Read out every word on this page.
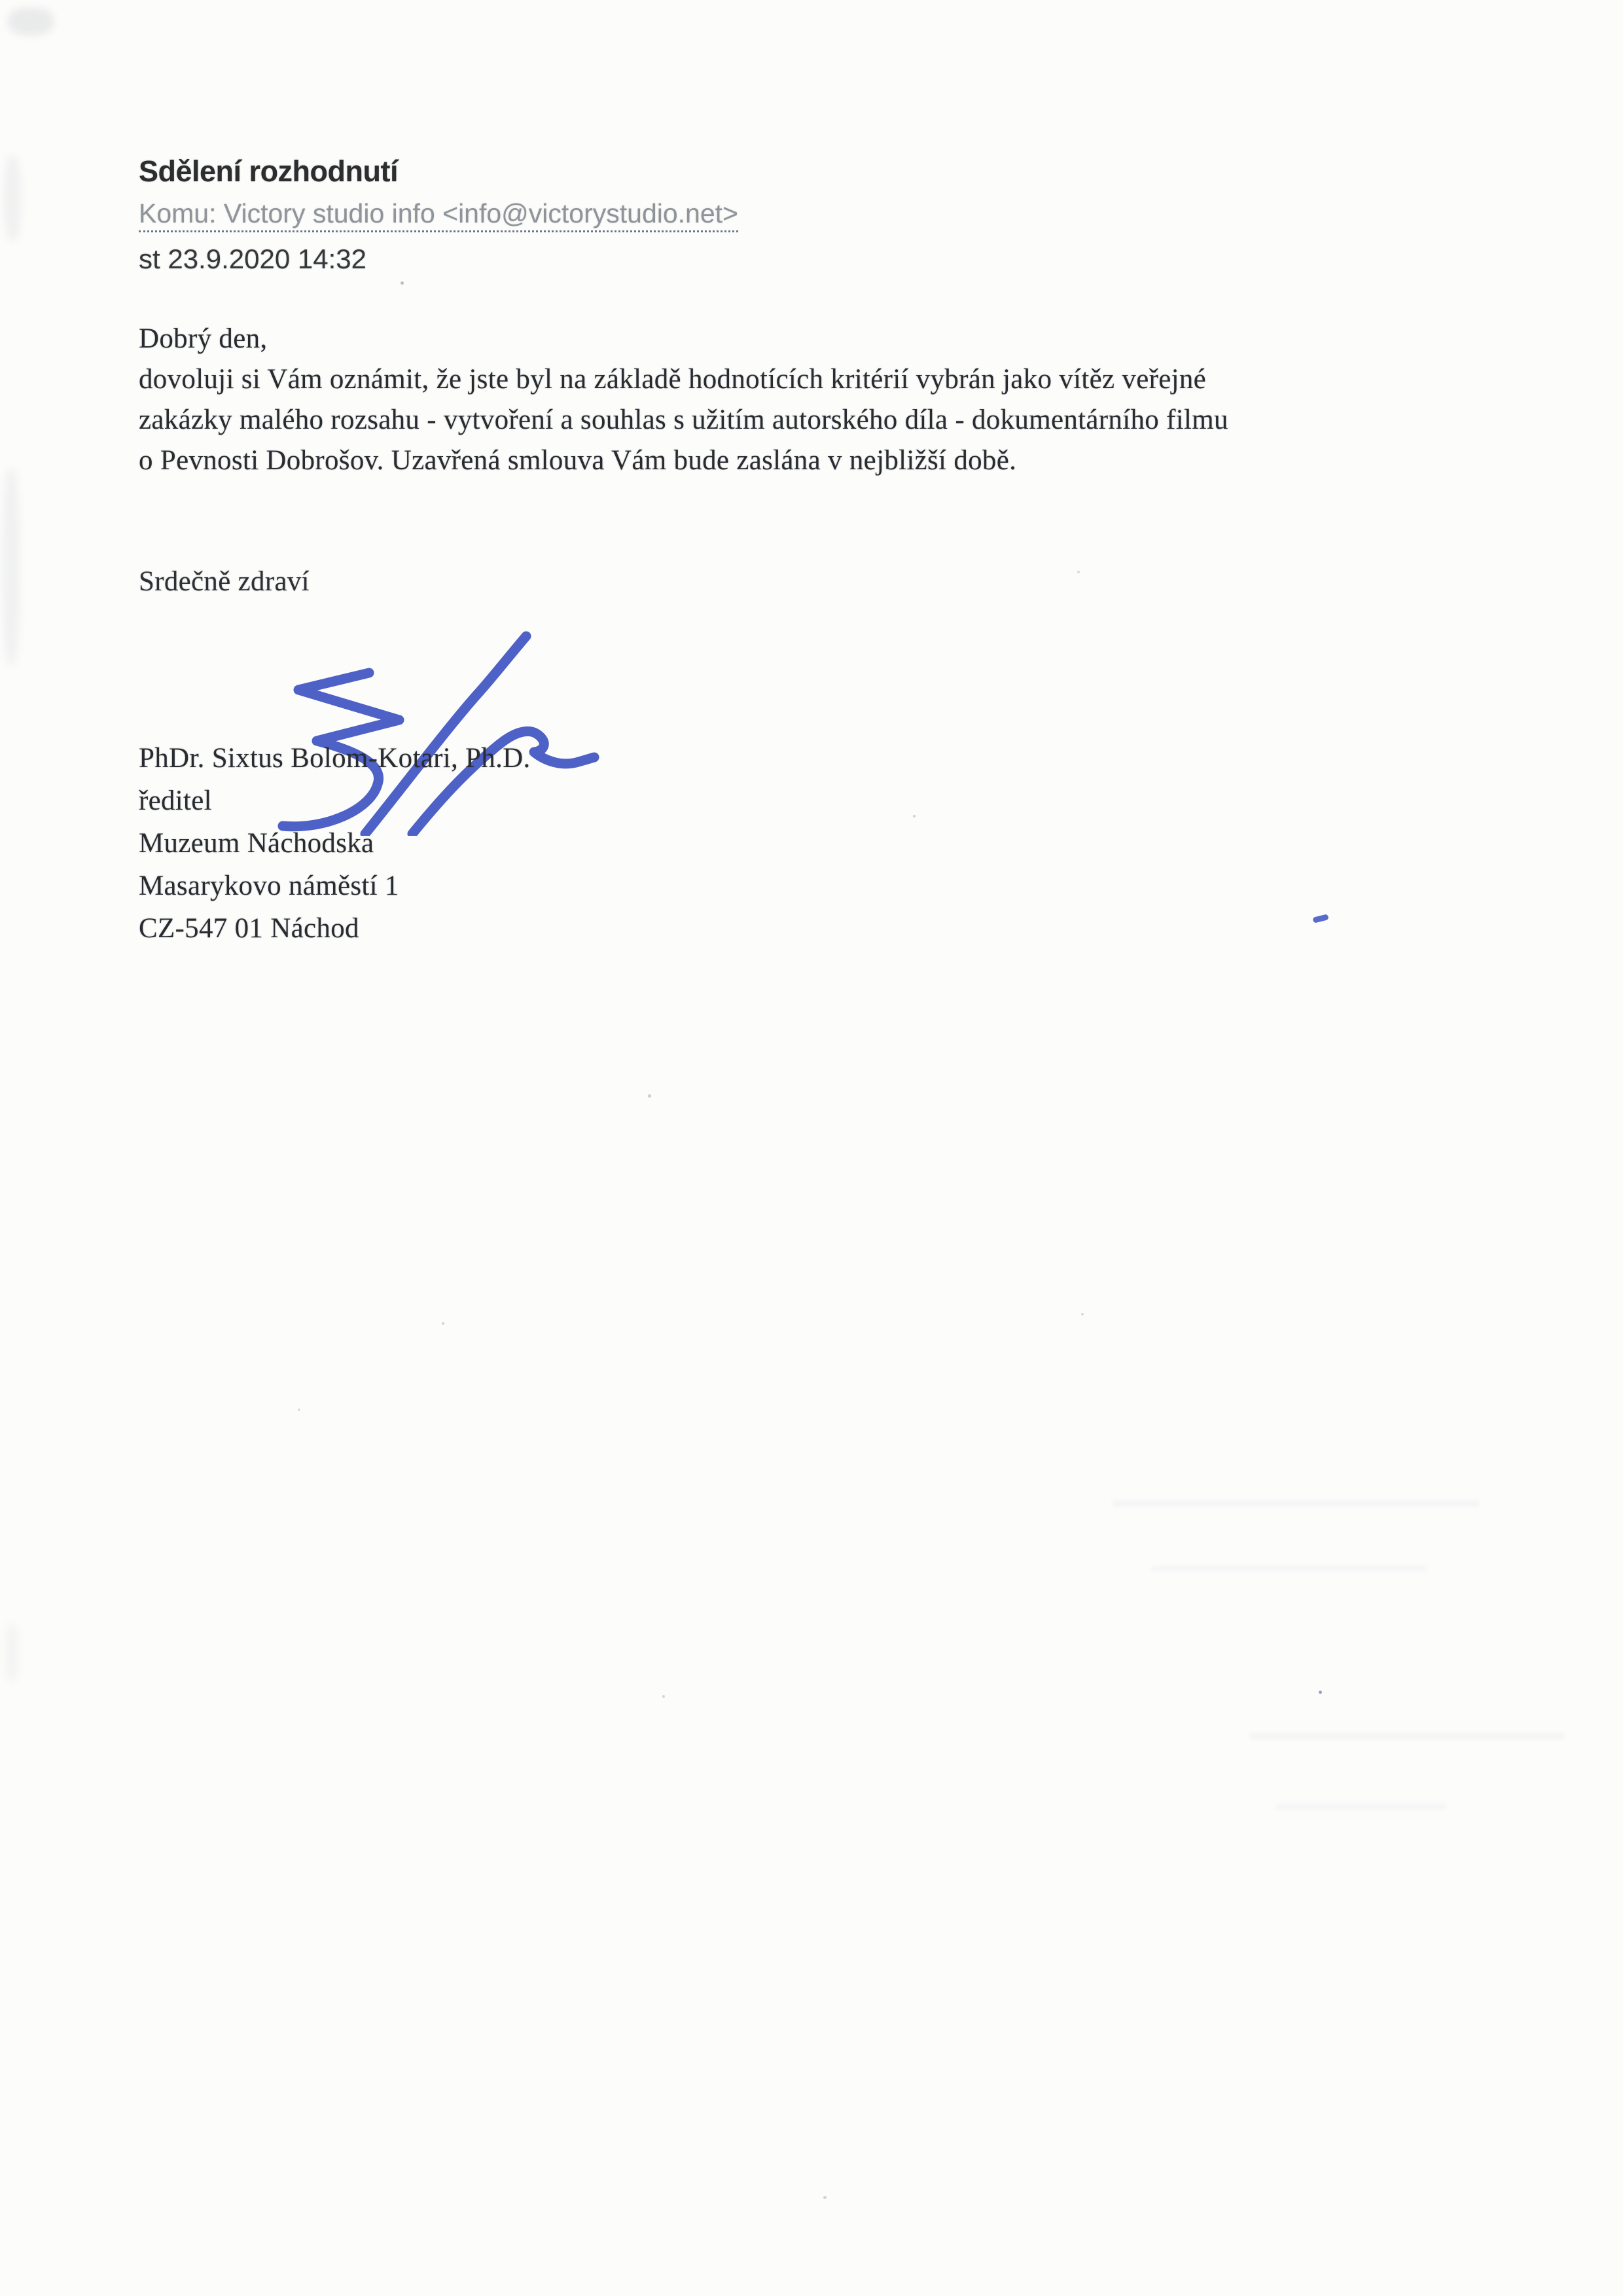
Sdělení rozhodnutí
Komu: Victory studio info <info@victorystudio.net>
st 23.9.2020 14:32
Dobrý den,
dovoluji si Vám oznámit, že jste byl na základě hodnotících kritérií vybrán jako vítěz veřejné
zakázky malého rozsahu - vytvoření a souhlas s užitím autorského díla - dokumentárního filmu
o Pevnosti Dobrošov. Uzavřená smlouva Vám bude zaslána v nejbližší době.
Srdečně zdraví
PhDr. Sixtus Bolom-Kotari, Ph.D.
ředitel
Muzeum Náchodska
Masarykovo náměstí 1
CZ-547 01 Náchod
